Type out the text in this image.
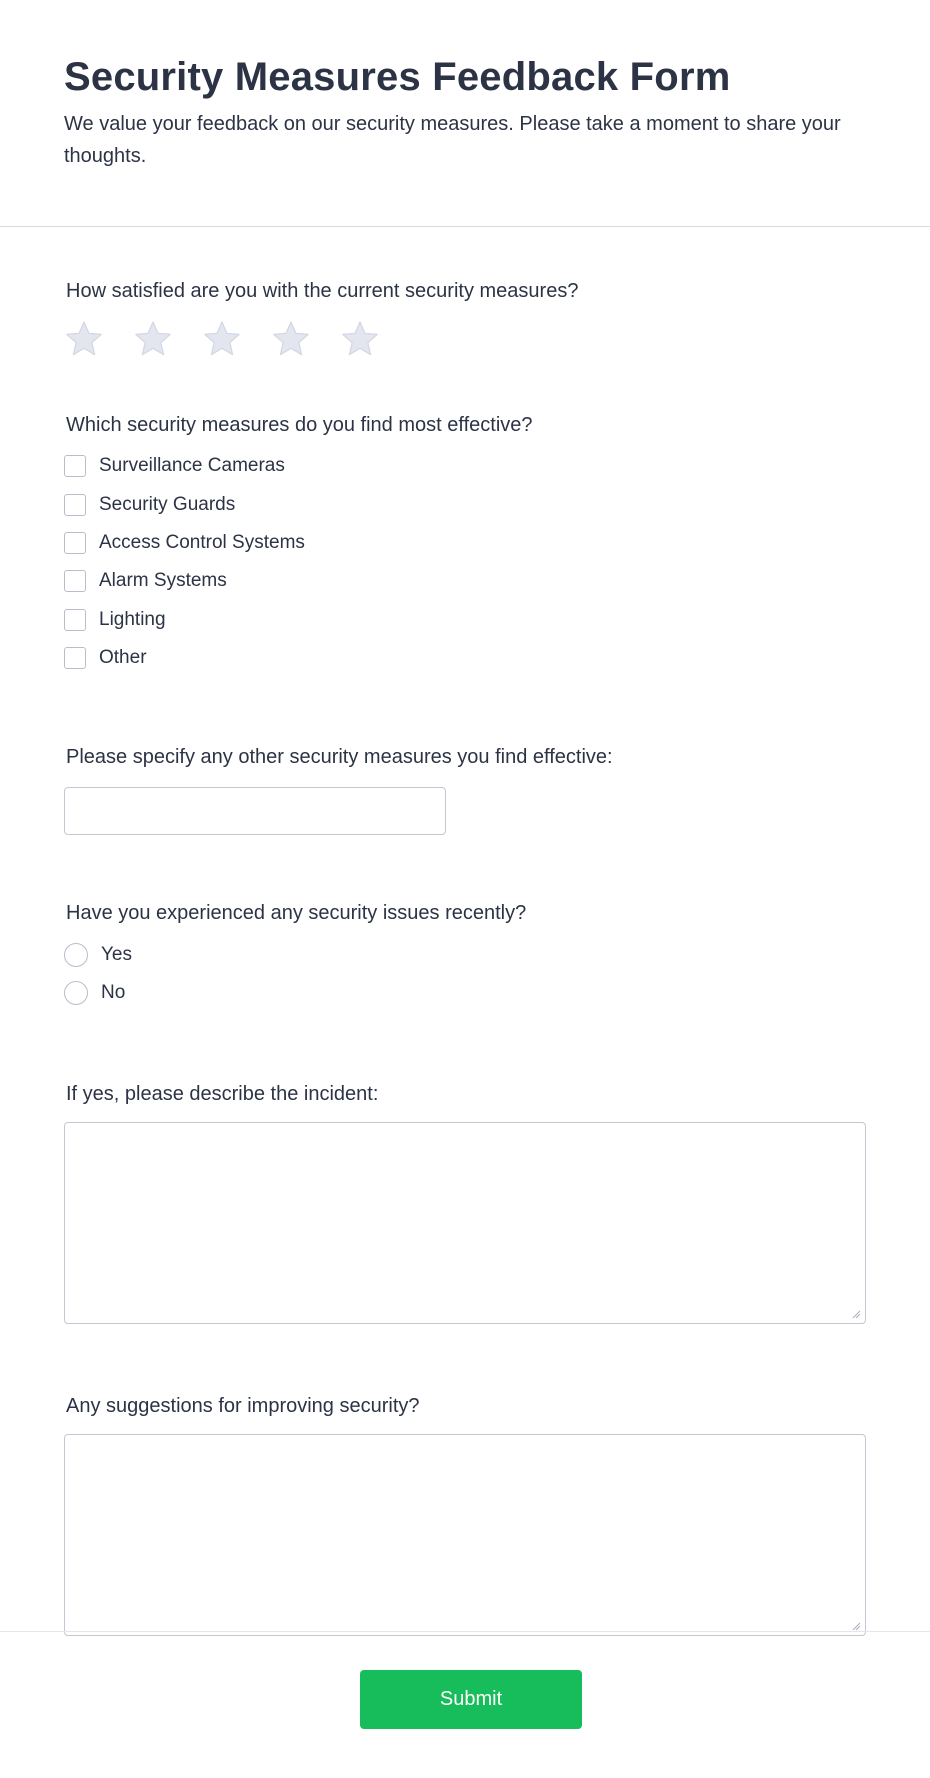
Security Measures Feedback Form

We value your feedback on our security measures. Please take a moment to share your thoughts.

How satisfied are you with the current security measures?
Which security measures do you find most effective?
Surveillance Cameras
Security Guards
Access Control Systems
Alarm Systems
Lighting
Other
Please specify any other security measures you find effective:
Have you experienced any security issues recently?
Yes
No
If yes, please describe the incident:
Any suggestions for improving security?
Submit
